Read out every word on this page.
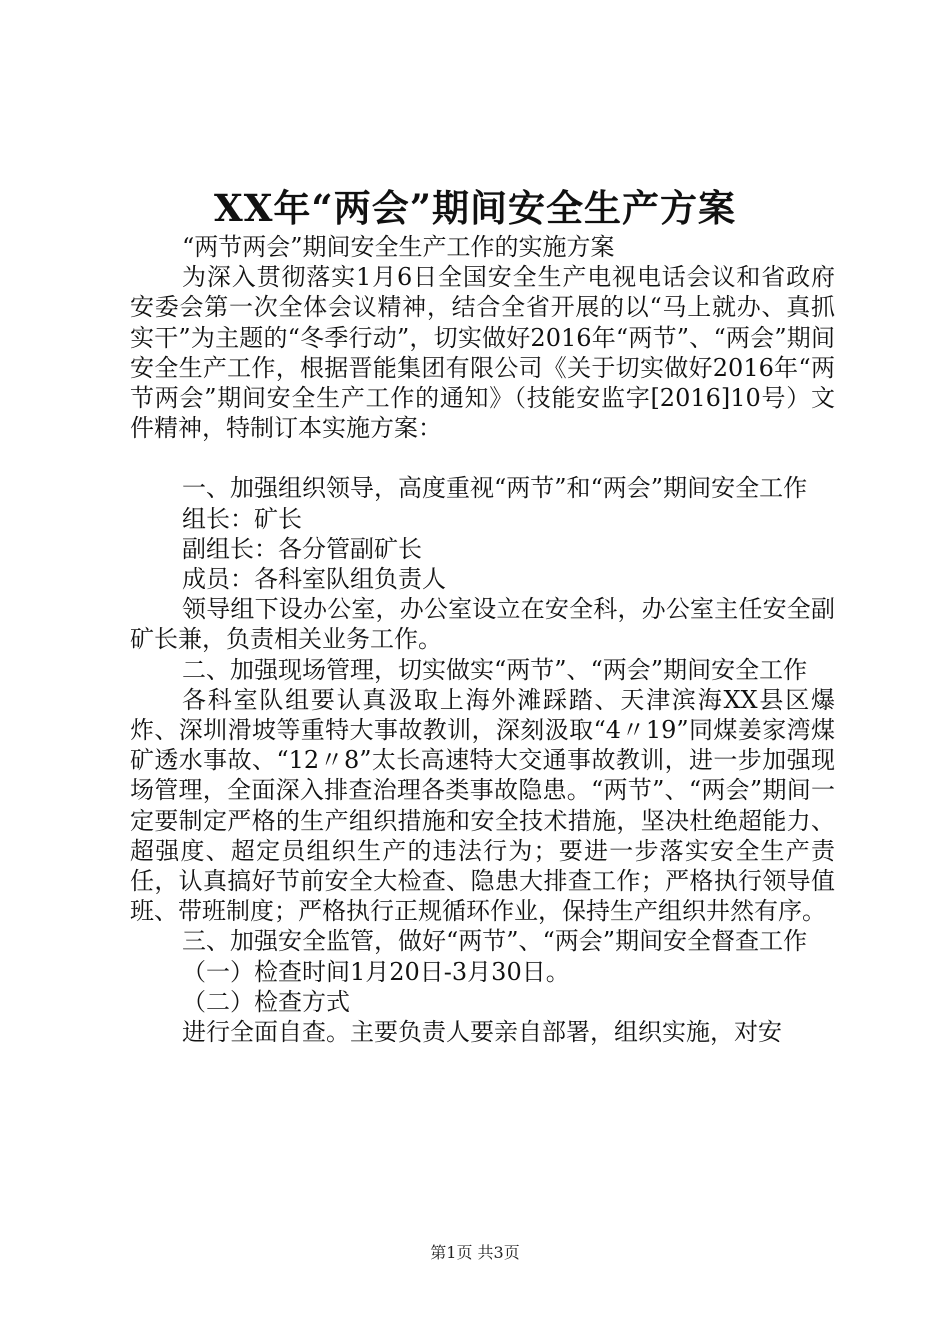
XX年“两会”期间安全生产方案

“两节两会”期间安全生产工作的实施方案

为深入贯彻落实1月6日全国安全生产电视电话会议和省政府安委会第一次全体会议精神，结合全省开展的以“马上就办、真抓实干”为主题的“冬季行动”，切实做好2016年“两节”、“两会”期间安全生产工作，根据晋能集团有限公司《关于切实做好2016年“两节两会”期间安全生产工作的通知》（技能安监字[2016]10号）文件精神，特制订本实施方案：

一、加强组织领导，高度重视“两节”和“两会”期间安全工作

组长：矿长

副组长：各分管副矿长

成员：各科室队组负责人

领导组下设办公室，办公室设立在安全科，办公室主任安全副矿长兼，负责相关业务工作。

二、加强现场管理，切实做实“两节”、“两会”期间安全工作

各科室队组要认真汲取上海外滩踩踏、天津滨海XX县区爆炸、深圳滑坡等重特大事故教训，深刻汲取“4〃19”同煤姜家湾煤矿透水事故、“12〃8”太长高速特大交通事故教训，进一步加强现场管理，全面深入排查治理各类事故隐患。“两节”、“两会”期间一定要制定严格的生产组织措施和安全技术措施，坚决杜绝超能力、超强度、超定员组织生产的违法行为；要进一步落实安全生产责任，认真搞好节前安全大检查、隐患大排查工作；严格执行领导值班、带班制度；严格执行正规循环作业，保持生产组织井然有序。

三、加强安全监管，做好“两节”、“两会”期间安全督查工作

（一）检查时间1月20日-3月30日。

（二）检查方式

进行全面自查。主要负责人要亲自部署，组织实施，对安

第1页 共3页
